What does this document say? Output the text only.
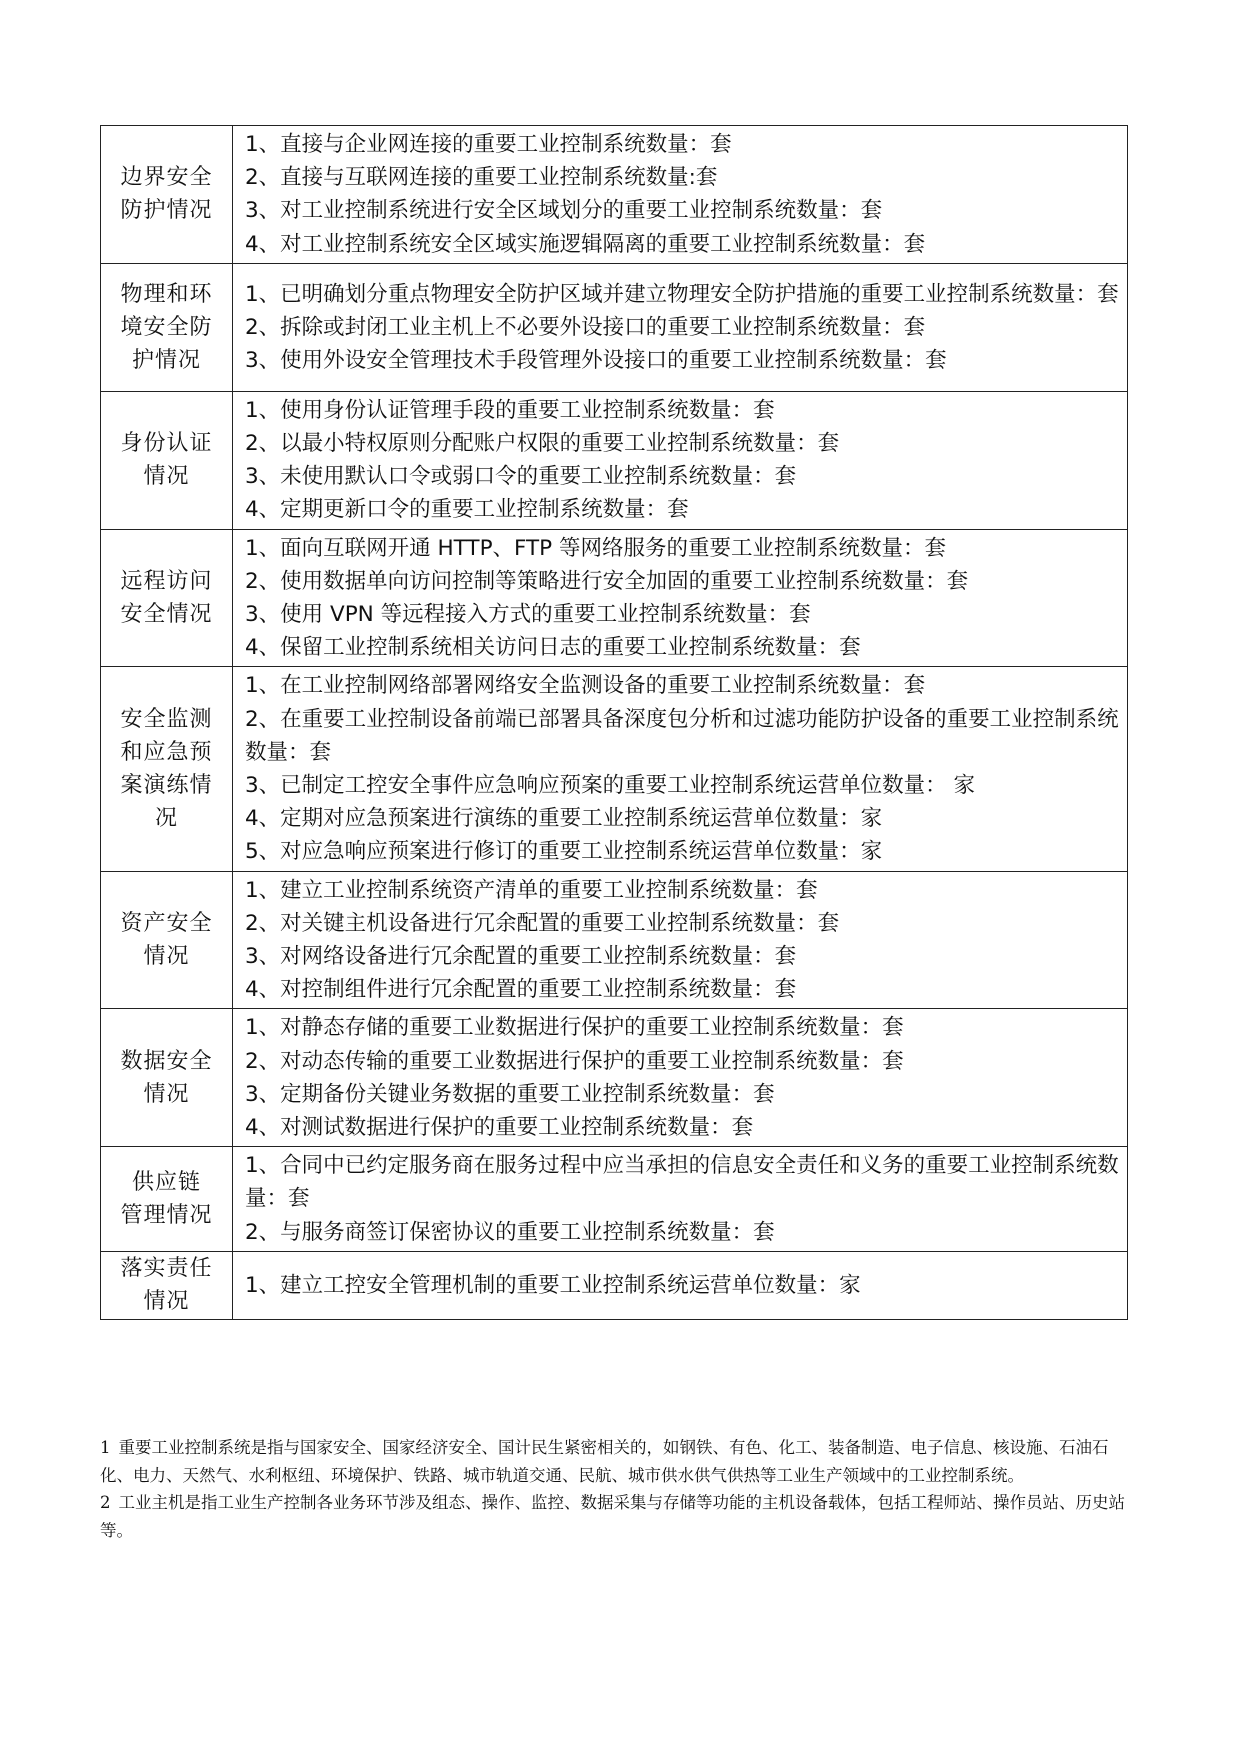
边界安全
防护情况	1、直接与企业网连接的重要工业控制系统数量：套
2、直接与互联网连接的重要工业控制系统数量:套
3、对工业控制系统进行安全区域划分的重要工业控制系统数量：套
4、对工业控制系统安全区域实施逻辑隔离的重要工业控制系统数量：套

物理和环
境安全防
护情况	1、已明确划分重点物理安全防护区域并建立物理安全防护措施的重要工业控制系统数量：套
2、拆除或封闭工业主机上不必要外设接口的重要工业控制系统数量：套
3、使用外设安全管理技术手段管理外设接口的重要工业控制系统数量：套

身份认证
情况	1、使用身份认证管理手段的重要工业控制系统数量：套
2、以最小特权原则分配账户权限的重要工业控制系统数量：套
3、未使用默认口令或弱口令的重要工业控制系统数量：套
4、定期更新口令的重要工业控制系统数量：套

远程访问
安全情况	1、面向互联网开通 HTTP、FTP 等网络服务的重要工业控制系统数量：套
2、使用数据单向访问控制等策略进行安全加固的重要工业控制系统数量：套
3、使用 VPN 等远程接入方式的重要工业控制系统数量：套
4、保留工业控制系统相关访问日志的重要工业控制系统数量：套

安全监测
和应急预
案演练情
况	1、在工业控制网络部署网络安全监测设备的重要工业控制系统数量：套
2、在重要工业控制设备前端已部署具备深度包分析和过滤功能防护设备的重要工业控制系统数量：套
3、已制定工控安全事件应急响应预案的重要工业控制系统运营单位数量： 家
4、定期对应急预案进行演练的重要工业控制系统运营单位数量：家
5、对应急响应预案进行修订的重要工业控制系统运营单位数量：家

资产安全
情况	1、建立工业控制系统资产清单的重要工业控制系统数量：套
2、对关键主机设备进行冗余配置的重要工业控制系统数量：套
3、对网络设备进行冗余配置的重要工业控制系统数量：套
4、对控制组件进行冗余配置的重要工业控制系统数量：套

数据安全
情况	1、对静态存储的重要工业数据进行保护的重要工业控制系统数量：套
2、对动态传输的重要工业数据进行保护的重要工业控制系统数量：套
3、定期备份关键业务数据的重要工业控制系统数量：套
4、对测试数据进行保护的重要工业控制系统数量：套

供应链
管理情况	1、合同中已约定服务商在服务过程中应当承担的信息安全责任和义务的重要工业控制系统数量：套
2、与服务商签订保密协议的重要工业控制系统数量：套

落实责任
情况	1、建立工控安全管理机制的重要工业控制系统运营单位数量：家
1 重要工业控制系统是指与国家安全、国家经济安全、国计民生紧密相关的，如钢铁、有色、化工、装备制造、电子信息、核设施、石油石化、电力、天然气、水利枢纽、环境保护、铁路、城市轨道交通、民航、城市供水供气供热等工业生产领域中的工业控制系统。
2 工业主机是指工业生产控制各业务环节涉及组态、操作、监控、数据采集与存储等功能的主机设备载体，包括工程师站、操作员站、历史站等。
